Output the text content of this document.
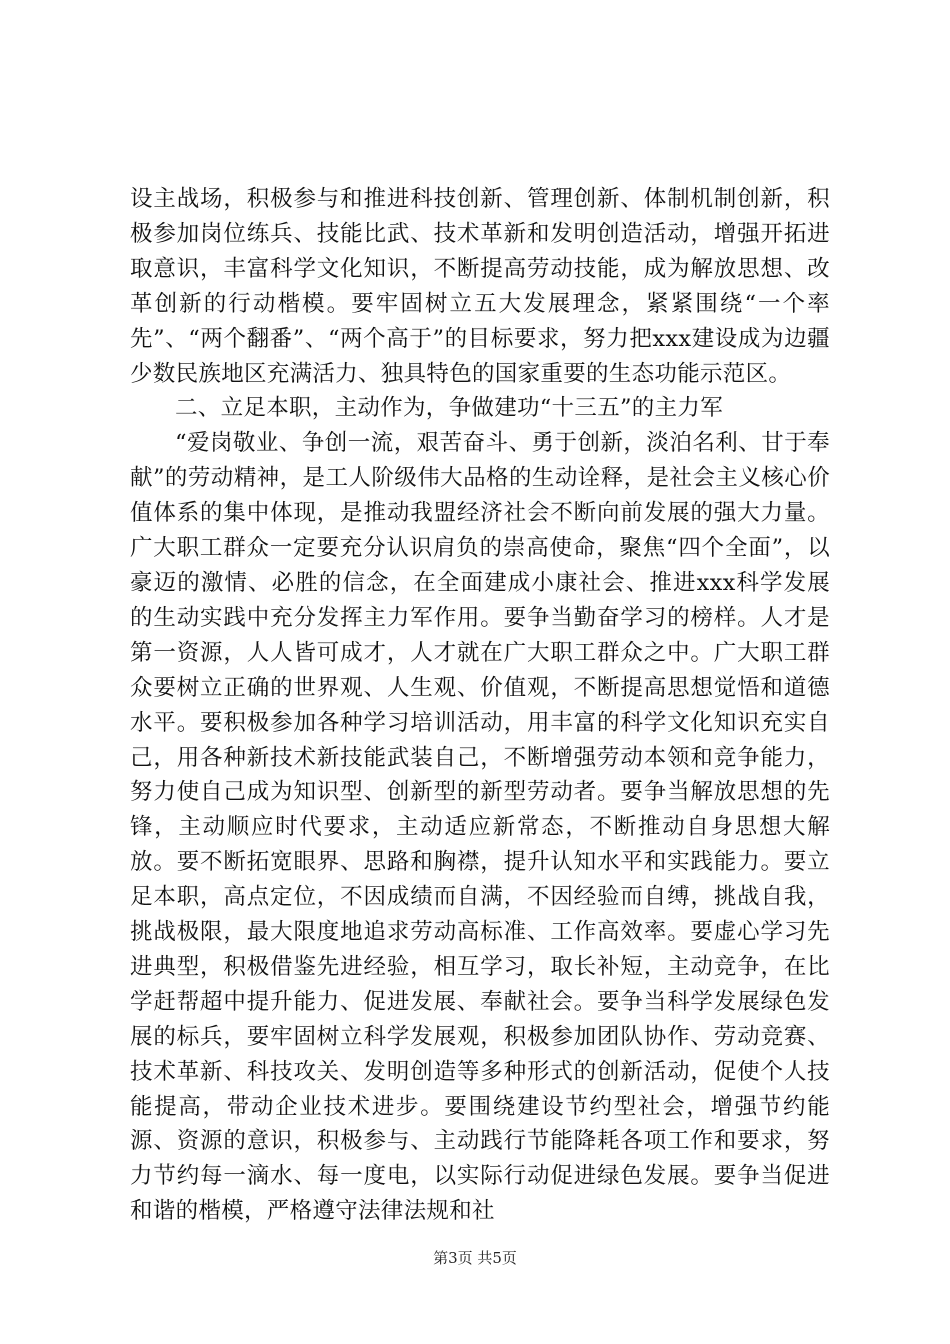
设主战场，积极参与和推进科技创新、管理创新、体制机制创新，积极参加岗位练兵、技能比武、技术革新和发明创造活动，增强开拓进取意识，丰富科学文化知识，不断提高劳动技能，成为解放思想、改革创新的行动楷模。要牢固树立五大发展理念，紧紧围绕“一个率先”、“两个翻番”、“两个高于”的目标要求，努力把xxx建设成为边疆少数民族地区充满活力、独具特色的国家重要的生态功能示范区。

二、立足本职，主动作为，争做建功“十三五”的主力军

“爱岗敬业、争创一流，艰苦奋斗、勇于创新，淡泊名利、甘于奉献”的劳动精神，是工人阶级伟大品格的生动诠释，是社会主义核心价值体系的集中体现，是推动我盟经济社会不断向前发展的强大力量。广大职工群众一定要充分认识肩负的崇高使命，聚焦“四个全面”，以豪迈的激情、必胜的信念，在全面建成小康社会、推进xxx科学发展的生动实践中充分发挥主力军作用。要争当勤奋学习的榜样。人才是第一资源，人人皆可成才，人才就在广大职工群众之中。广大职工群众要树立正确的世界观、人生观、价值观，不断提高思想觉悟和道德水平。要积极参加各种学习培训活动，用丰富的科学文化知识充实自己，用各种新技术新技能武装自己，不断增强劳动本领和竞争能力，努力使自己成为知识型、创新型的新型劳动者。要争当解放思想的先锋，主动顺应时代要求，主动适应新常态，不断推动自身思想大解放。要不断拓宽眼界、思路和胸襟，提升认知水平和实践能力。要立足本职，高点定位，不因成绩而自满，不因经验而自缚，挑战自我，挑战极限，最大限度地追求劳动高标准、工作高效率。要虚心学习先进典型，积极借鉴先进经验，相互学习，取长补短，主动竞争，在比学赶帮超中提升能力、促进发展、奉献社会。要争当科学发展绿色发展的标兵，要牢固树立科学发展观，积极参加团队协作、劳动竞赛、技术革新、科技攻关、发明创造等多种形式的创新活动，促使个人技能提高，带动企业技术进步。要围绕建设节约型社会，增强节约能源、资源的意识，积极参与、主动践行节能降耗各项工作和要求，努力节约每一滴水、每一度电，以实际行动促进绿色发展。要争当促进和谐的楷模，严格遵守法律法规和社

第3页 共5页
